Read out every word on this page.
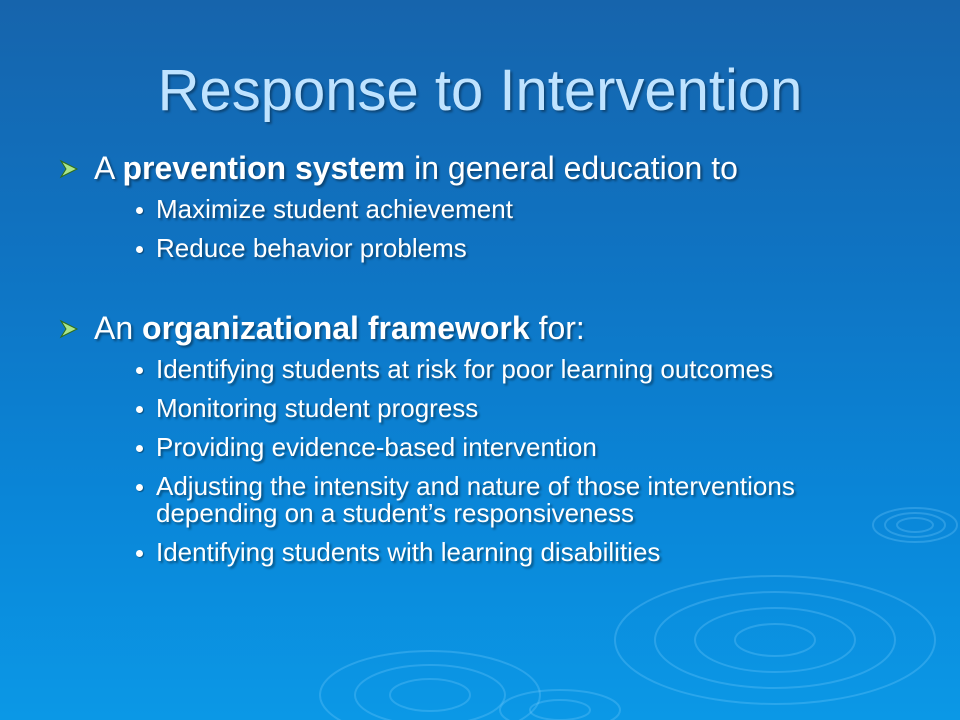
Response to Intervention
A prevention system in general education to
Maximize student achievement
Reduce behavior problems
An organizational framework for:
Identifying students at risk for poor learning outcomes
Monitoring student progress
Providing evidence-based intervention
Adjusting the intensity and nature of those interventions depending on a student’s responsiveness
Identifying students with learning disabilities
